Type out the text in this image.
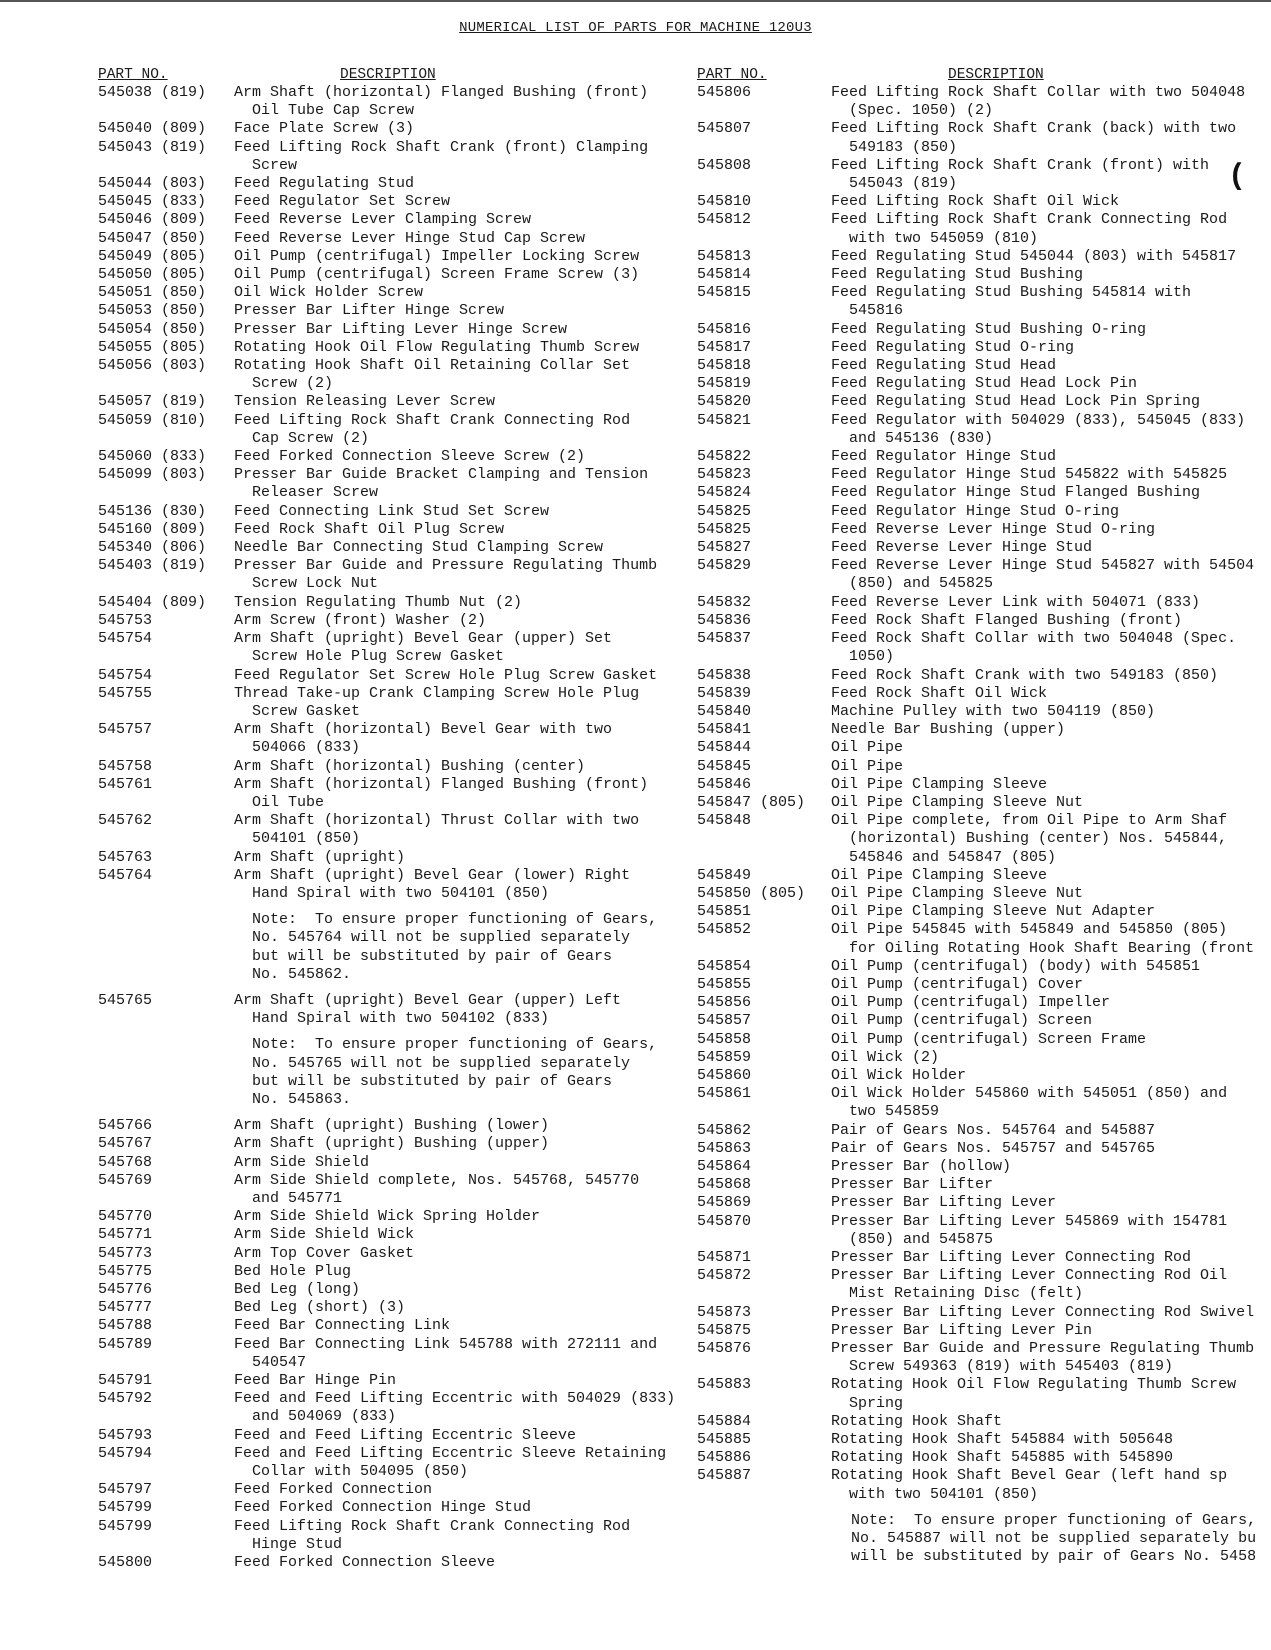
NUMERICAL LIST OF PARTS FOR MACHINE 120U3
PART NO.	DESCRIPTION	PART NO.	DESCRIPTION
545038 (819) Arm Shaft (horizontal) Flanged Bushing (front)
Oil Tube Cap Screw
545040 (809) Face Plate Screw (3)
545043 (819) Feed Lifting Rock Shaft Crank (front) Clamping
Screw
545044 (803) Feed Regulating Stud
545045 (833) Feed Regulator Set Screw
545046 (809) Feed Reverse Lever Clamping Screw
545047 (850) Feed Reverse Lever Hinge Stud Cap Screw
545049 (805) Oil Pump (centrifugal) Impeller Locking Screw
545050 (805) Oil Pump (centrifugal) Screen Frame Screw (3)
545051 (850) Oil Wick Holder Screw
545053 (850) Presser Bar Lifter Hinge Screw
545054 (850) Presser Bar Lifting Lever Hinge Screw
545055 (805) Rotating Hook Oil Flow Regulating Thumb Screw
545056 (803) Rotating Hook Shaft Oil Retaining Collar Set
Screw (2)
545057 (819) Tension Releasing Lever Screw
545059 (810) Feed Lifting Rock Shaft Crank Connecting Rod
Cap Screw (2)
545060 (833) Feed Forked Connection Sleeve Screw (2)
545099 (803) Presser Bar Guide Bracket Clamping and Tension
Releaser Screw
545136 (830) Feed Connecting Link Stud Set Screw
545160 (809) Feed Rock Shaft Oil Plug Screw
545340 (806) Needle Bar Connecting Stud Clamping Screw
545403 (819) Presser Bar Guide and Pressure Regulating Thumb
Screw Lock Nut
545404 (809) Tension Regulating Thumb Nut (2)
545753	Arm Screw (front) Washer (2)
545754	Arm Shaft (upright) Bevel Gear (upper) Set
Screw Hole Plug Screw Gasket
545754	Feed Regulator Set Screw Hole Plug Screw Gasket
545755	Thread Take-up Crank Clamping Screw Hole Plug
Screw Gasket
545757	Arm Shaft (horizontal) Bevel Gear with two
504066 (833)
545758	Arm Shaft (horizontal) Bushing (center)
545761	Arm Shaft (horizontal) Flanged Bushing (front)
Oil Tube
545762	Arm Shaft (horizontal) Thrust Collar with two
504101 (850)
545763	Arm Shaft (upright)
545764	Arm Shaft (upright) Bevel Gear (lower) Right
Hand Spiral with two 504101 (850)
Note:  To ensure proper functioning of Gears,
No. 545764 will not be supplied separately
but will be substituted by pair of Gears
No. 545862.
545765	Arm Shaft (upright) Bevel Gear (upper) Left
Hand Spiral with two 504102 (833)
Note:  To ensure proper functioning of Gears,
No. 545765 will not be supplied separately
but will be substituted by pair of Gears
No. 545863.
545766	Arm Shaft (upright) Bushing (lower)
545767	Arm Shaft (upright) Bushing (upper)
545768	Arm Side Shield
545769	Arm Side Shield complete, Nos. 545768, 545770
and 545771
545770	Arm Side Shield Wick Spring Holder
545771	Arm Side Shield Wick
545773	Arm Top Cover Gasket
545775	Bed Hole Plug
545776	Bed Leg (long)
545777	Bed Leg (short) (3)
545788	Feed Bar Connecting Link
545789	Feed Bar Connecting Link 545788 with 272111 and
540547
545791	Feed Bar Hinge Pin
545792	Feed and Feed Lifting Eccentric with 504029 (833)
and 504069 (833)
545793	Feed and Feed Lifting Eccentric Sleeve
545794	Feed and Feed Lifting Eccentric Sleeve Retaining
Collar with 504095 (850)
545797	Feed Forked Connection
545799	Feed Forked Connection Hinge Stud
545799	Feed Lifting Rock Shaft Crank Connecting Rod
Hinge Stud
545800	Feed Forked Connection Sleeve
545806	Feed Lifting Rock Shaft Collar with two 504048
(Spec. 1050) (2)
545807	Feed Lifting Rock Shaft Crank (back) with two
549183 (850)
545808	Feed Lifting Rock Shaft Crank (front) with
545043 (819)
545810	Feed Lifting Rock Shaft Oil Wick
545812	Feed Lifting Rock Shaft Crank Connecting Rod
with two 545059 (810)
545813	Feed Regulating Stud 545044 (803) with 545817
545814	Feed Regulating Stud Bushing
545815	Feed Regulating Stud Bushing 545814 with
545816
545816	Feed Regulating Stud Bushing O-ring
545817	Feed Regulating Stud O-ring
545818	Feed Regulating Stud Head
545819	Feed Regulating Stud Head Lock Pin
545820	Feed Regulating Stud Head Lock Pin Spring
545821	Feed Regulator with 504029 (833), 545045 (833)
and 545136 (830)
545822	Feed Regulator Hinge Stud
545823	Feed Regulator Hinge Stud 545822 with 545825
545824	Feed Regulator Hinge Stud Flanged Bushing
545825	Feed Regulator Hinge Stud O-ring
545825	Feed Reverse Lever Hinge Stud O-ring
545827	Feed Reverse Lever Hinge Stud
545829	Feed Reverse Lever Hinge Stud 545827 with 54504
(850) and 545825
545832	Feed Reverse Lever Link with 504071 (833)
545836	Feed Rock Shaft Flanged Bushing (front)
545837	Feed Rock Shaft Collar with two 504048 (Spec.
1050)
545838	Feed Rock Shaft Crank with two 549183 (850)
545839	Feed Rock Shaft Oil Wick
545840	Machine Pulley with two 504119 (850)
545841	Needle Bar Bushing (upper)
545844	Oil Pipe
545845	Oil Pipe
545846	Oil Pipe Clamping Sleeve
545847 (805) Oil Pipe Clamping Sleeve Nut
545848	Oil Pipe complete, from Oil Pipe to Arm Shaf
(horizontal) Bushing (center) Nos. 545844,
545846 and 545847 (805)
545849	Oil Pipe Clamping Sleeve
545850 (805) Oil Pipe Clamping Sleeve Nut
545851	Oil Pipe Clamping Sleeve Nut Adapter
545852	Oil Pipe 545845 with 545849 and 545850 (805)
for Oiling Rotating Hook Shaft Bearing (front
545854	Oil Pump (centrifugal) (body) with 545851
545855	Oil Pump (centrifugal) Cover
545856	Oil Pump (centrifugal) Impeller
545857	Oil Pump (centrifugal) Screen
545858	Oil Pump (centrifugal) Screen Frame
545859	Oil Wick (2)
545860	Oil Wick Holder
545861	Oil Wick Holder 545860 with 545051 (850) and
two 545859
545862	Pair of Gears Nos. 545764 and 545887
545863	Pair of Gears Nos. 545757 and 545765
545864	Presser Bar (hollow)
545868	Presser Bar Lifter
545869	Presser Bar Lifting Lever
545870	Presser Bar Lifting Lever 545869 with 154781
(850) and 545875
545871	Presser Bar Lifting Lever Connecting Rod
545872	Presser Bar Lifting Lever Connecting Rod Oil
Mist Retaining Disc (felt)
545873	Presser Bar Lifting Lever Connecting Rod Swivel
545875	Presser Bar Lifting Lever Pin
545876	Presser Bar Guide and Pressure Regulating Thumb
Screw 549363 (819) with 545403 (819)
545883	Rotating Hook Oil Flow Regulating Thumb Screw
Spring
545884	Rotating Hook Shaft
545885	Rotating Hook Shaft 545884 with 505648
545886	Rotating Hook Shaft 545885 with 545890
545887	Rotating Hook Shaft Bevel Gear (left hand sp
with two 504101 (850)
Note:  To ensure proper functioning of Gears,
No. 545887 will not be supplied separately bu
will be substituted by pair of Gears No. 5458
(
